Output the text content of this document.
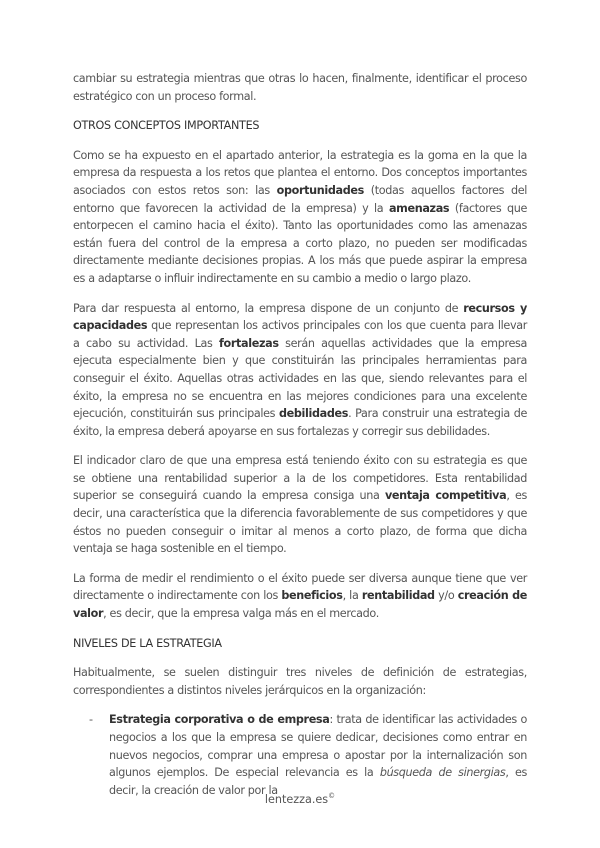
cambiar su estrategia mientras que otras lo hacen, finalmente, identificar el proceso estratégico con un proceso formal.

OTROS CONCEPTOS IMPORTANTES

Como se ha expuesto en el apartado anterior, la estrategia es la goma en la que la empresa da respuesta a los retos que plantea el entorno. Dos conceptos importantes asociados con estos retos son: las oportunidades (todas aquellos factores del entorno que favorecen la actividad de la empresa) y la amenazas (factores que entorpecen el camino hacia el éxito). Tanto las oportunidades como las amenazas están fuera del control de la empresa a corto plazo, no pueden ser modificadas directamente mediante decisiones propias. A los más que puede aspirar la empresa es a adaptarse o influir indirectamente en su cambio a medio o largo plazo.

Para dar respuesta al entorno, la empresa dispone de un conjunto de recursos y capacidades que representan los activos principales con los que cuenta para llevar a cabo su actividad. Las fortalezas serán aquellas actividades que la empresa ejecuta especialmente bien y que constituirán las principales herramientas para conseguir el éxito. Aquellas otras actividades en las que, siendo relevantes para el éxito, la empresa no se encuentra en las mejores condiciones para una excelente ejecución, constituirán sus principales debilidades. Para construir una estrategia de éxito, la empresa deberá apoyarse en sus fortalezas y corregir sus debilidades.

El indicador claro de que una empresa está teniendo éxito con su estrategia es que se obtiene una rentabilidad superior a la de los competidores. Esta rentabilidad superior se conseguirá cuando la empresa consiga una ventaja competitiva, es decir, una característica que la diferencia favorablemente de sus competidores y que éstos no pueden conseguir o imitar al menos a corto plazo, de forma que dicha ventaja se haga sostenible en el tiempo.

La forma de medir el rendimiento o el éxito puede ser diversa aunque tiene que ver directamente o indirectamente con los beneficios, la rentabilidad y/o creación de valor, es decir, que la empresa valga más en el mercado.

NIVELES DE LA ESTRATEGIA

Habitualmente, se suelen distinguir tres niveles de definición de estrategias, correspondientes a distintos niveles jerárquicos en la organización:

- Estrategia corporativa o de empresa: trata de identificar las actividades o negocios a los que la empresa se quiere dedicar, decisiones como entrar en nuevos negocios, comprar una empresa o apostar por la internalización son algunos ejemplos. De especial relevancia es la búsqueda de sinergias, es decir, la creación de valor por la

lentezza.es©
